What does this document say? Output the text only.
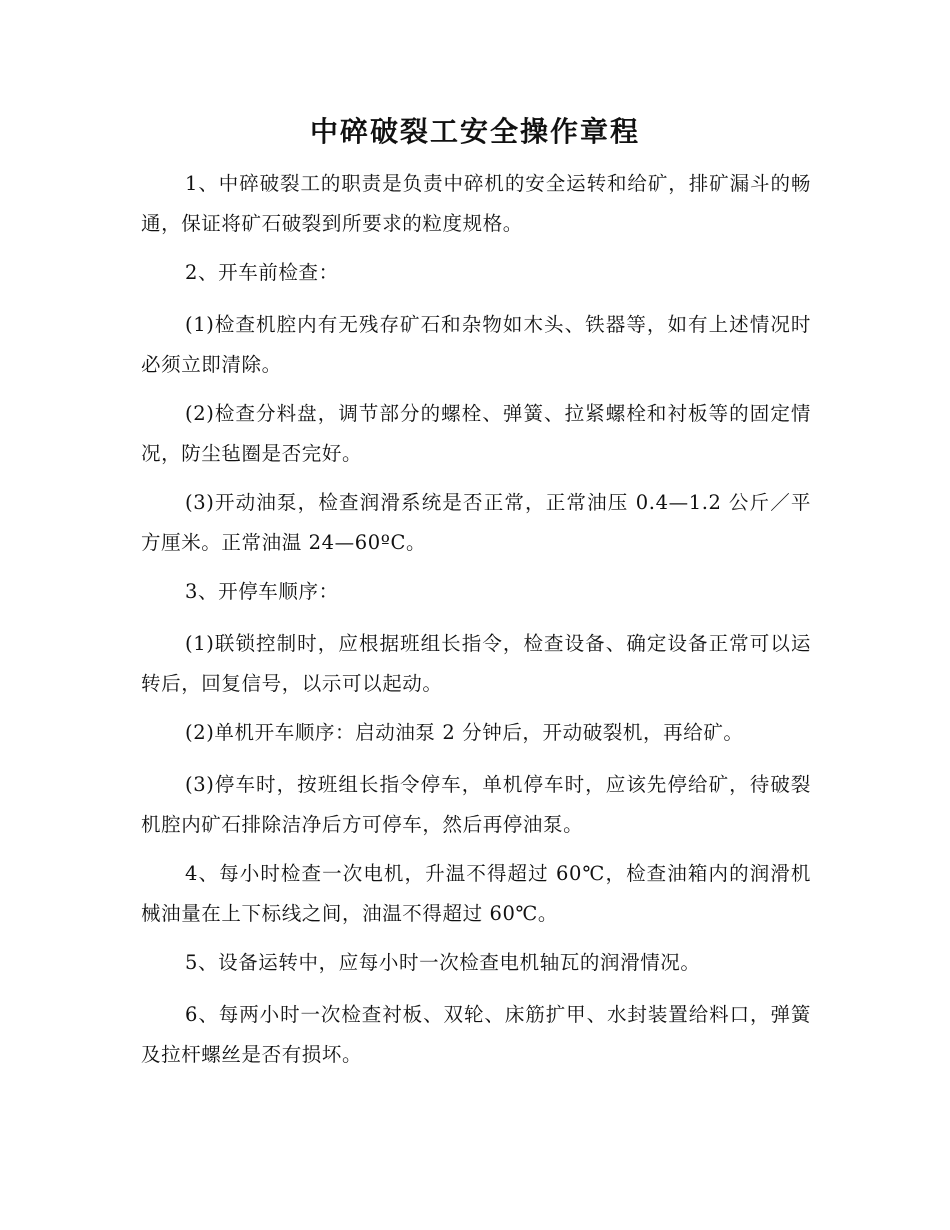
中碎破裂工安全操作章程

1、中碎破裂工的职责是负责中碎机的安全运转和给矿，排矿漏斗的畅通，保证将矿石破裂到所要求的粒度规格。

2、开车前检查：

(1)检查机腔内有无残存矿石和杂物如木头、铁器等，如有上述情况时必须立即清除。

(2)检查分料盘，调节部分的螺栓、弹簧、拉紧螺栓和衬板等的固定情况，防尘毡圈是否完好。

(3)开动油泵，检查润滑系统是否正常，正常油压 0.4—1.2 公斤／平方厘米。正常油温 24—60ºC。

3、开停车顺序：

(1)联锁控制时，应根据班组长指令，检查设备、确定设备正常可以运转后，回复信号，以示可以起动。

(2)单机开车顺序：启动油泵 2 分钟后，开动破裂机，再给矿。

(3)停车时，按班组长指令停车，单机停车时，应该先停给矿，待破裂机腔内矿石排除洁净后方可停车，然后再停油泵。

4、每小时检查一次电机，升温不得超过 60℃，检查油箱内的润滑机械油量在上下标线之间，油温不得超过 60℃。

5、设备运转中，应每小时一次检查电机轴瓦的润滑情况。

6、每两小时一次检查衬板、双轮、床筋扩甲、水封装置给料口，弹簧及拉杆螺丝是否有损坏。
